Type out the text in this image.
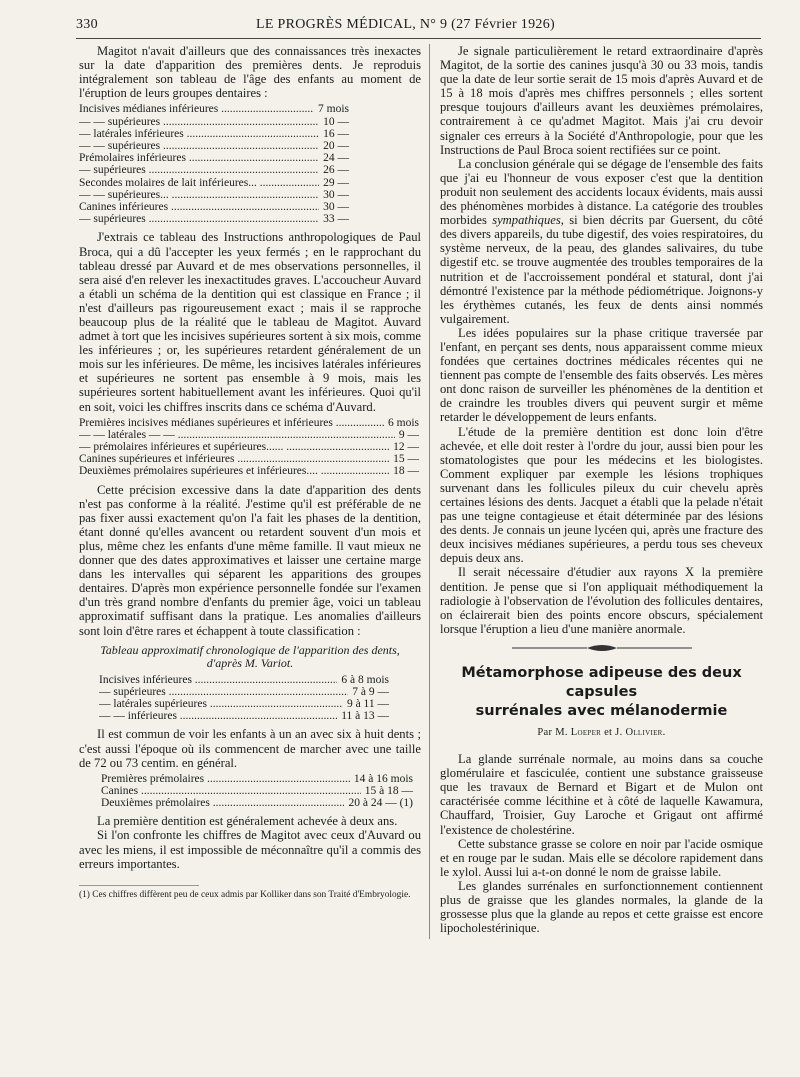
330	LE PROGRÈS MÉDICAL, N° 9 (27 Février 1926)

Magitot n'avait d'ailleurs que des connaissances très inexactes sur la date d'apparition des premières dents. Je reproduis intégralement son tableau de l'âge des enfants au moment de l'éruption de leurs groupes dentaires :

Incisives médianes inférieures .....	7 mois
— — supérieures .....	10 —
— latérales inférieures .....	16 —
— — supérieures .....	20 —
Prémolaires inférieures .....	24 —
— supérieures .....	26 —
Secondes molaires de lait inférieures... .....	29 —
— — supérieures... .....	30 —
Canines inférieures .....	30 —
— supérieures .....	33 —

J'extrais ce tableau des Instructions anthropologiques de Paul Broca, qui a dû l'accepter les yeux fermés ; en le rapprochant du tableau dressé par Auvard et de mes observations personnelles, il sera aisé d'en relever les inexactitudes graves. L'accoucheur Auvard a établi un schéma de la dentition qui est classique en France ; il n'est d'ailleurs pas rigoureusement exact ; mais il se rapproche beaucoup plus de la réalité que le tableau de Magitot. Auvard admet à tort que les incisives supérieures sortent à six mois, comme les inférieures ; or, les supérieures retardent généralement de un mois sur les inférieures. De même, les incisives latérales inférieures et supérieures ne sortent pas ensemble à 9 mois, mais les supérieures sortent habituellement avant les inférieures. Quoi qu'il en soit, voici les chiffres inscrits dans ce schéma d'Auvard.

Premières incisives médianes supérieures et inférieures .....	6 mois
— — latérales — — .....	9 —
— prémolaires inférieures et supérieures...... .....	12 —
Canines supérieures et inférieures .....	15 —
Deuxièmes prémolaires supérieures et inférieures.... .....	18 —

Cette précision excessive dans la date d'apparition des dents n'est pas conforme à la réalité. J'estime qu'il est préférable de ne pas fixer aussi exactement qu'on l'a fait les phases de la dentition, étant donné qu'elles avancent ou retardent souvent d'un mois et plus, même chez les enfants d'une même famille. Il vaut mieux ne donner que des dates approximatives et laisser une certaine marge dans les intervalles qui séparent les apparitions des groupes dentaires. D'après mon expérience personnelle fondée sur l'examen d'un très grand nombre d'enfants du premier âge, voici un tableau approximatif suffisant dans la pratique. Les anomalies d'ailleurs sont loin d'être rares et échappent à toute classification :

Tableau approximatif chronologique de l'apparition des dents,
d'après M. Variot.
Incisives inférieures .....	6 à 8 mois
— supérieures .....	7 à 9 —
— latérales supérieures .....	9 à 11 —
— — inférieures .....	11 à 13 —

Il est commun de voir les enfants à un an avec six à huit dents ; c'est aussi l'époque où ils commencent de marcher avec une taille de 72 ou 73 centim. en général.

Premières prémolaires .....	14 à 16 mois
Canines .....	15 à 18 —
Deuxièmes prémolaires .....	20 à 24 — (1)

La première dentition est généralement achevée à deux ans.

Si l'on confronte les chiffres de Magitot avec ceux d'Auvard ou avec les miens, il est impossible de méconnaître qu'il a commis des erreurs importantes.

(1) Ces chiffres diffèrent peu de ceux admis par Kolliker dans son Traité d'Embryologie.

Je signale particulièrement le retard extraordinaire d'après Magitot, de la sortie des canines jusqu'à 30 ou 33 mois, tandis que la date de leur sortie serait de 15 mois d'après Auvard et de 15 à 18 mois d'après mes chiffres personnels ; elles sortent presque toujours d'ailleurs avant les deuxièmes prémolaires, contrairement à ce qu'admet Magitot. Mais j'ai cru devoir signaler ces erreurs à la Société d'Anthropologie, pour que les Instructions de Paul Broca soient rectifiées sur ce point.

La conclusion générale qui se dégage de l'ensemble des faits que j'ai eu l'honneur de vous exposer c'est que la dentition produit non seulement des accidents locaux évidents, mais aussi des phénomènes morbides à distance. La catégorie des troubles morbides sympathiques, si bien décrits par Guersent, du côté des divers appareils, du tube digestif, des voies respiratoires, du système nerveux, de la peau, des glandes salivaires, du tube digestif etc. se trouve augmentée des troubles temporaires de la nutrition et de l'accroissement pondéral et statural, dont j'ai démontré l'existence par la méthode pédiométrique. Joignons-y les érythèmes cutanés, les feux de dents ainsi nommés vulgairement.

Les idées populaires sur la phase critique traversée par l'enfant, en perçant ses dents, nous apparaissent comme mieux fondées que certaines doctrines médicales récentes qui ne tiennent pas compte de l'ensemble des faits observés. Les mères ont donc raison de surveiller les phénomènes de la dentition et de craindre les troubles divers qui peuvent surgir et même retarder le développement de leurs enfants.

L'étude de la première dentition est donc loin d'être achevée, et elle doit rester à l'ordre du jour, aussi bien pour les stomatologistes que pour les médecins et les biologistes. Comment expliquer par exemple les lésions trophiques survenant dans les follicules pileux du cuir chevelu après certaines lésions des dents. Jacquet a établi que la pelade n'était pas une teigne contagieuse et était déterminée par des lésions des dents. Je connais un jeune lycéen qui, après une fracture des deux incisives médianes supérieures, a perdu tous ses cheveux depuis deux ans.

Il serait nécessaire d'étudier aux rayons X la première dentition. Je pense que si l'on appliquait méthodiquement la radiologie à l'observation de l'évolution des follicules dentaires, on éclairerait bien des points encore obscurs, spécialement lorsque l'éruption a lieu d'une manière anormale.

Métamorphose adipeuse des deux capsules
surrénales avec mélanodermie
Par M. Loeper et J. Ollivier.

La glande surrénale normale, au moins dans sa couche glomérulaire et fasciculée, contient une substance graisseuse que les travaux de Bernard et Bigart et de Mulon ont caractérisée comme lécithine et à côté de laquelle Kawamura, Chauffard, Troisier, Guy Laroche et Grigaut ont affirmé l'existence de cholestérine.

Cette substance grasse se colore en noir par l'acide osmique et en rouge par le sudan. Mais elle se décolore rapidement dans le xylol. Aussi lui a-t-on donné le nom de graisse labile.

Les glandes surrénales en surfonctionnement contiennent plus de graisse que les glandes normales, la glande de la grossesse plus que la glande au repos et cette graisse est encore lipocholestérinique.
